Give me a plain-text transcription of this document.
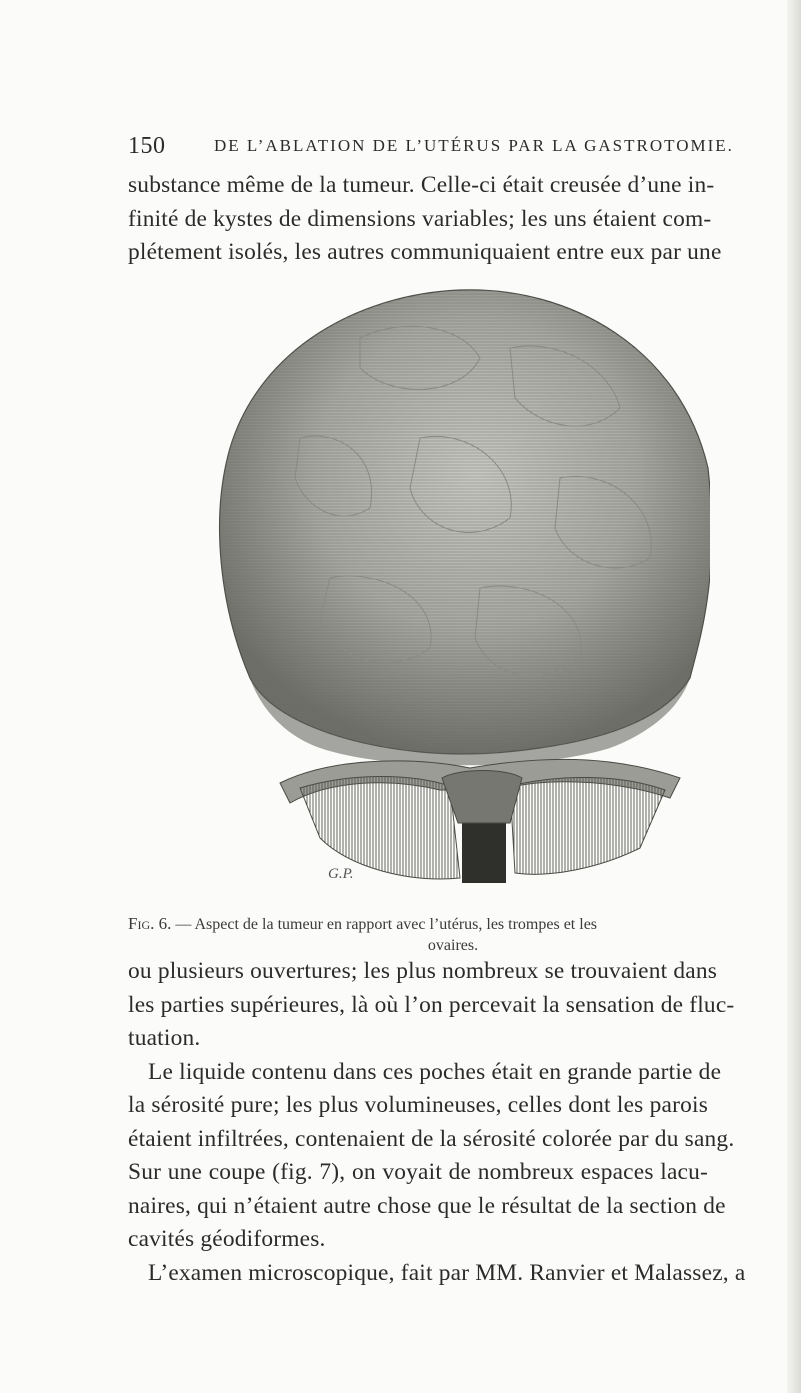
150	DE L’ABLATION DE L’UTÉRUS PAR LA GASTROTOMIE.
substance même de la tumeur. Celle-ci était creusée d’une in-
finité de kystes de dimensions variables; les uns étaient com-
plétement isolés, les autres communiquaient entre eux par une
G.P.
Fig. 6. — Aspect de la tumeur en rapport avec l’utérus, les trompes et les
ovaires.
ou plusieurs ouvertures; les plus nombreux se trouvaient dans
les parties supérieures, là où l’on percevait la sensation de fluc-
tuation.
Le liquide contenu dans ces poches était en grande partie de
la sérosité pure; les plus volumineuses, celles dont les parois
étaient infiltrées, contenaient de la sérosité colorée par du sang.
Sur une coupe (fig. 7), on voyait de nombreux espaces lacu-
naires, qui n’étaient autre chose que le résultat de la section de
cavités géodiformes.
L’examen microscopique, fait par MM. Ranvier et Malassez, a
